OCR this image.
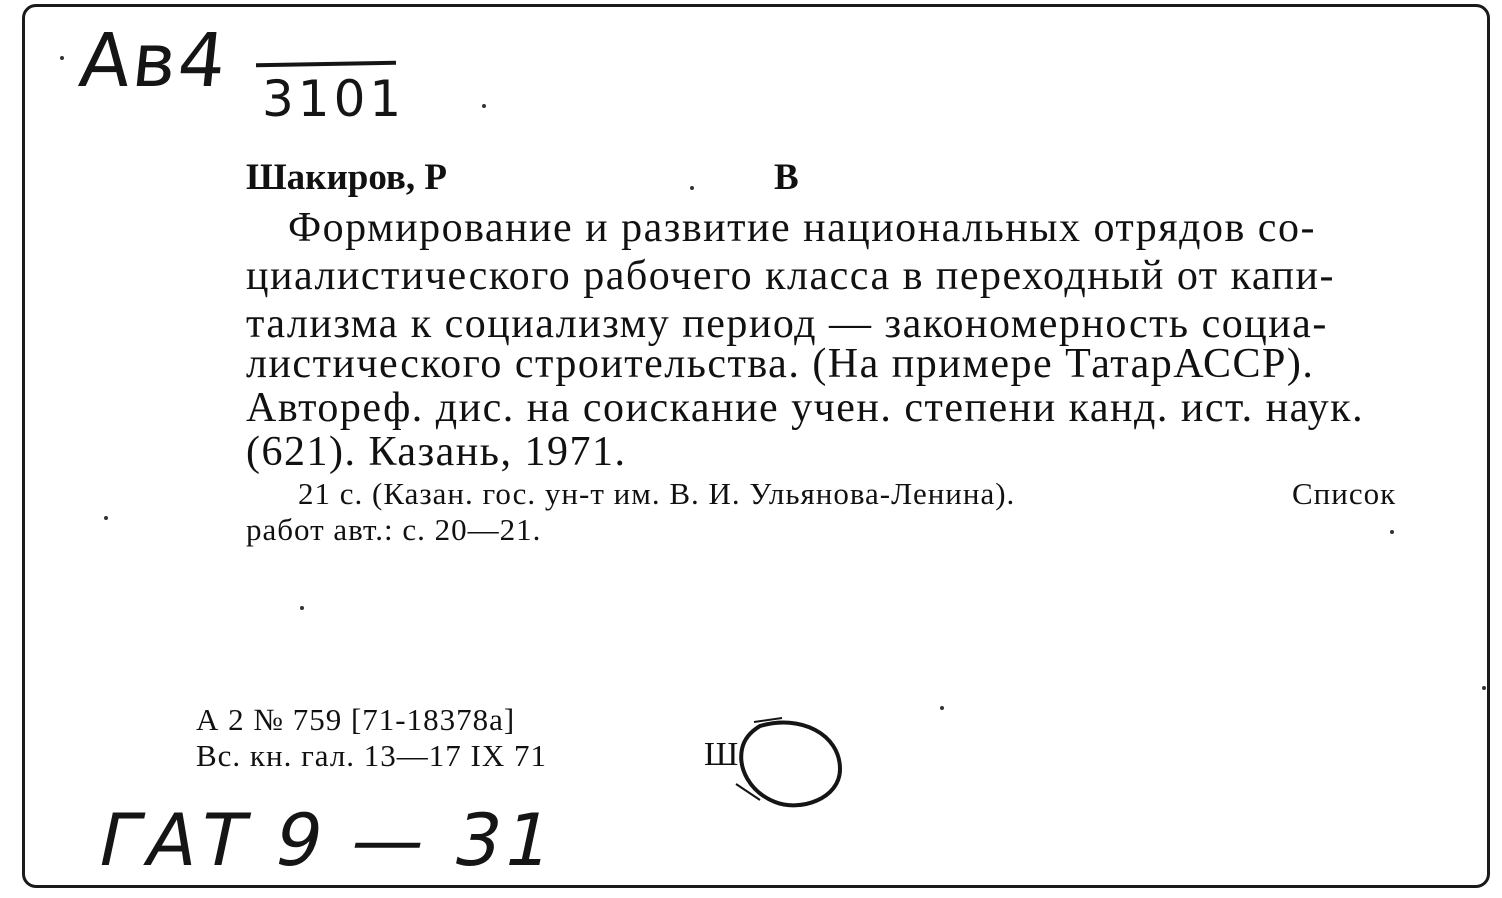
Ав4 3101
Шакиров, Р	В
Формирование и развитие национальных отрядов со-
циалистического рабочего класса в переходный от капи-
тализма к социализму период — закономерность социа-
листического строительства. (На примере ТатарАССР).
Автореф. дис. на соискание учен. степени канд. ист. наук.
(621). Казань, 1971.
21 с. (Казан. гос. ун-т им. В. И. Ульянова-Ленина).	Список
работ авт.: с. 20—21.
А 2 № 759 [71-18378а]
Вс. кн. гал. 13—17 IX 71	Ш
ГАТ 9 — 31
